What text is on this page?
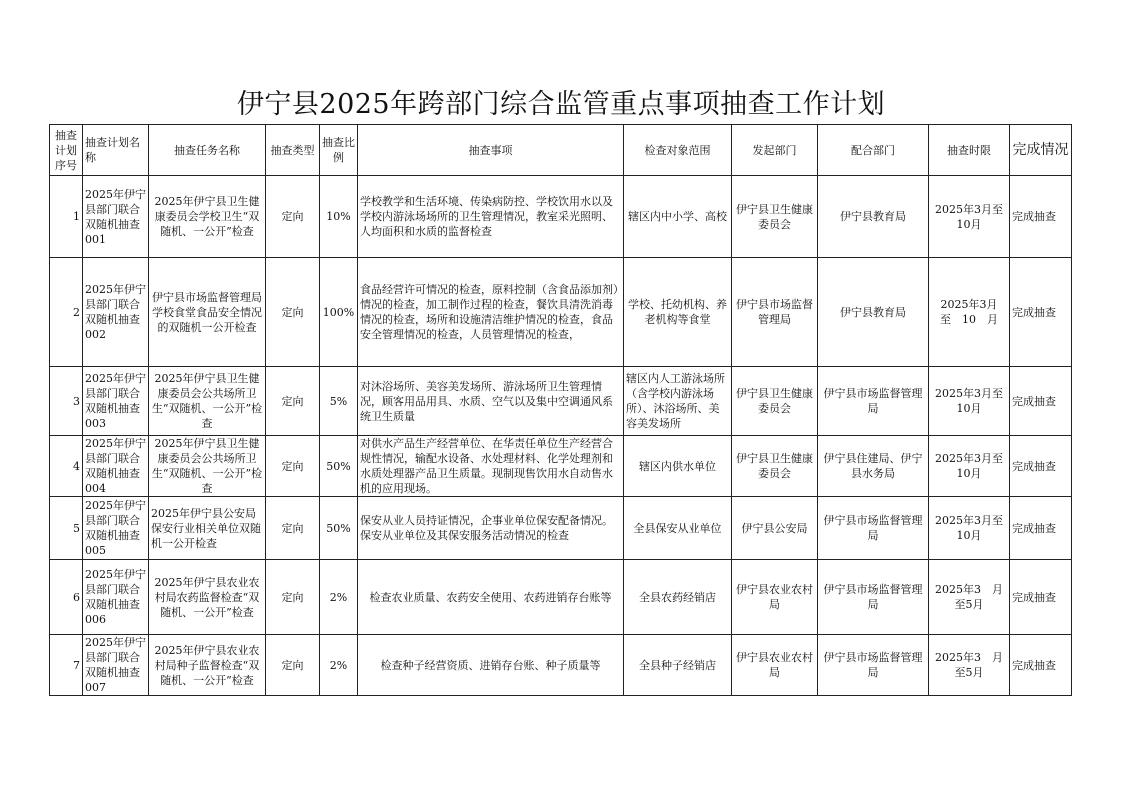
伊宁县2025年跨部门综合监管重点事项抽查工作计划
抽查计划序号	抽查计划名称	抽查任务名称	抽查类型	抽查比例	抽查事项	检查对象范围	发起部门	配合部门	抽查时限	完成情况
1	2025年伊宁县部门联合双随机抽查001	2025年伊宁县卫生健康委员会学校卫生“双随机、一公开”检查	定向	10%	学校教学和生活环境、传染病防控、学校饮用水以及学校内游泳场场所的卫生管理情况，教室采光照明、人均面积和水质的监督检查	辖区内中小学、高校	伊宁县卫生健康委员会	伊宁县教育局	2025年3月至10月	完成抽查
2	2025年伊宁县部门联合双随机抽查002	伊宁县市场监督管理局 学校食堂食品安全情况的双随机一公开检查	定向	100%	食品经营许可情况的检查，原料控制（含食品添加剂）情况的检查，加工制作过程的检查，餐饮具清洗消毒情况的检查，场所和设施清洁维护情况的检查，食品安全管理情况的检查，人员管理情况的检查，	学校、托幼机构、养老机构等食堂	伊宁县市场监督管理局	伊宁县教育局	2025年3月　至　10　月	完成抽查
3	2025年伊宁县部门联合双随机抽查003	2025年伊宁县卫生健康委员会公共场所卫生“双随机、一公开”检查	定向	5%	对沐浴场所、美容美发场所、游泳场所卫生管理情况，顾客用品用具、水质、空气以及集中空调通风系统卫生质量	辖区内人工游泳场所（含学校内游泳场所）、沐浴场所、美容美发场所	伊宁县卫生健康委员会	伊宁县市场监督管理局	2025年3月至10月	完成抽查
4	2025年伊宁县部门联合双随机抽查004	2025年伊宁县卫生健康委员会公共场所卫生“双随机、一公开”检查	定向	50%	对供水产品生产经营单位、在华责任单位生产经营合规性情况，输配水设备、水处理材料、化学处理剂和水质处理器产品卫生质量。现制现售饮用水自动售水机的应用现场。	辖区内供水单位	伊宁县卫生健康委员会	伊宁县住建局、伊宁县水务局	2025年3月至10月	完成抽查
5	2025年伊宁县部门联合双随机抽查005	2025年伊宁县公安局保安行业相关单位双随机一公开检查	定向	50%	保安从业人员持证情况，企事业单位保安配备情况。保安从业单位及其保安服务活动情况的检查	全县保安从业单位	伊宁县公安局	伊宁县市场监督管理局	2025年3月至10月	完成抽查
6	2025年伊宁县部门联合双随机抽查006	2025年伊宁县农业农村局农药监督检查“双随机、一公开”检查	定向	2%	检查农业质量、农药安全使用、农药进销存台账等	全县农药经销店	伊宁县农业农村局	伊宁县市场监督管理局	2025年3　月　至5月	完成抽查
7	2025年伊宁县部门联合双随机抽查007	2025年伊宁县农业农村局种子监督检查“双随机、一公开”检查	定向	2%	检查种子经营资质、进销存台账、种子质量等	全县种子经销店	伊宁县农业农村局	伊宁县市场监督管理局	2025年3　月　至5月	完成抽查
